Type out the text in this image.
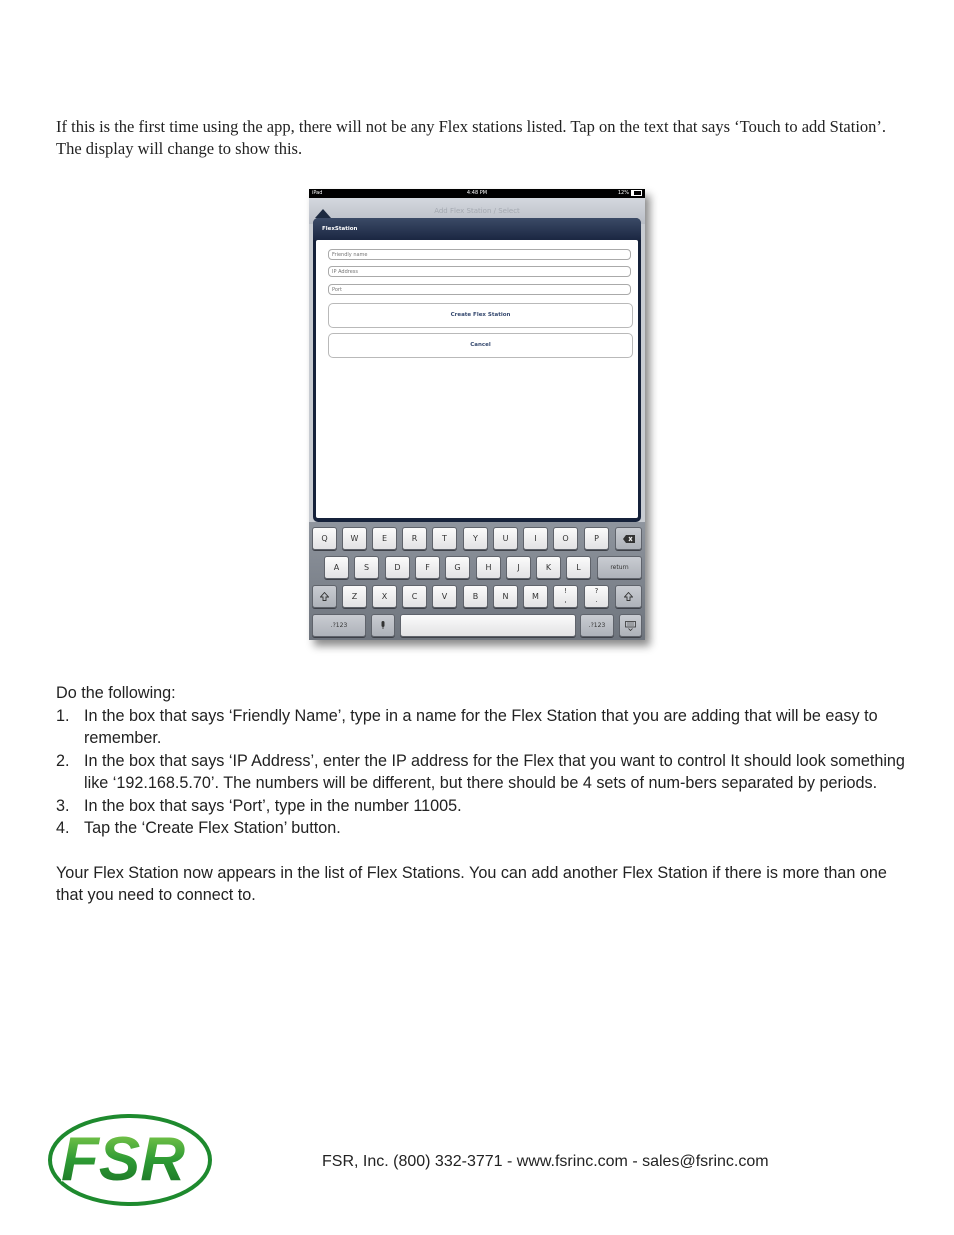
If this is the first time using the app, there will not be any Flex stations listed. Tap on the text that says ‘Touch to add Station’. The display will change to show this.

iPad	4:48 PM	12%
Add Flex Station / Select
FlexStation
Friendly name
IP Address
Port
Create Flex Station
Cancel
Q	W	E	R	T	Y	U	I	O	P
A	S	D	F	G	H	J	K	L	return
Z	X	C	V	B	N	M
!
,
?
.
.?123	.?123

Do the following:

1. In the box that says ‘Friendly Name’, type in a name for the Flex Station that you are adding that will be easy to remember.
2. In the box that says ‘IP Address’, enter the IP address for the Flex that you want to control It should look something like ‘192.168.5.70’. The numbers will be different, but there should be 4 sets of num-bers separated by periods.
3. In the box that says ‘Port’, type in the number 11005.
4. Tap the ‘Create Flex Station’ button.

Your Flex Station now appears in the list of Flex Stations. You can add another Flex Station if there is more than one that you need to connect to.

FSR	FSR, Inc. (800) 332-3771 - www.fsrinc.com - sales@fsrinc.com
